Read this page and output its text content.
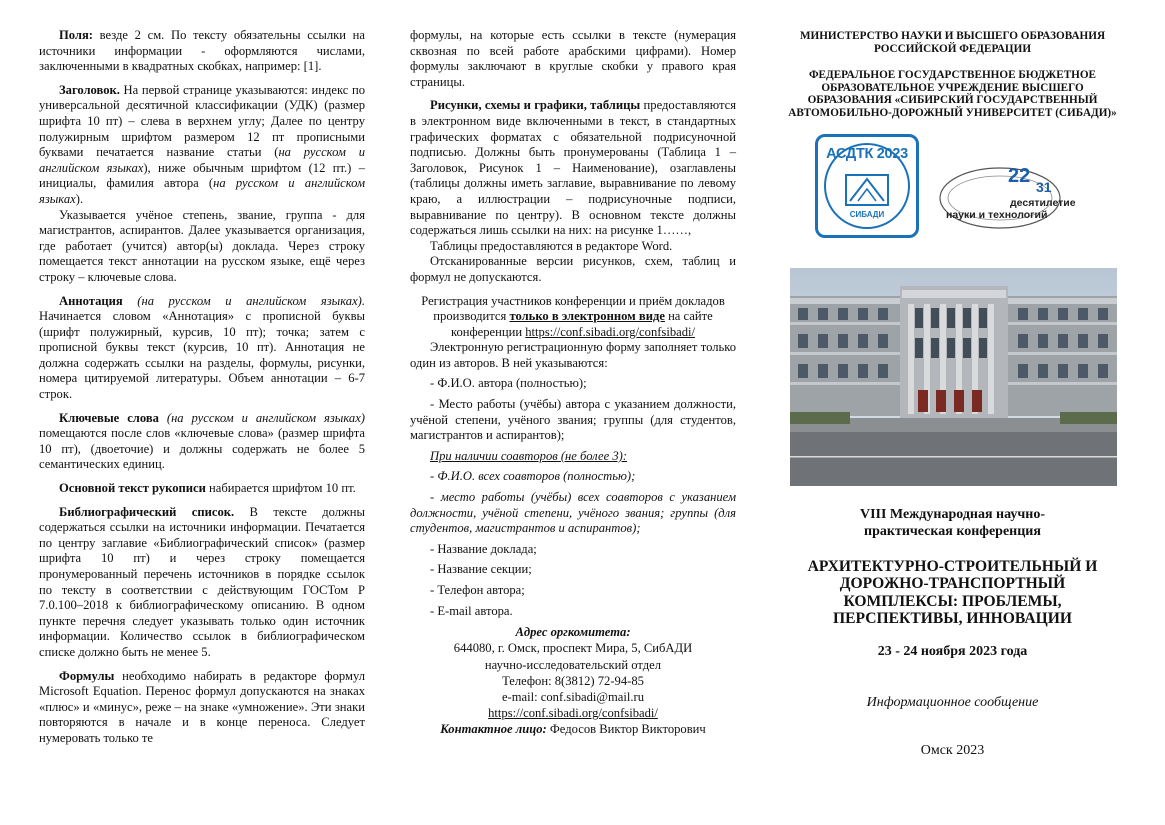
Поля: везде 2 см. По тексту обязательны ссылки на источники информации - оформляются числами, заключенными в квадратных скобках, например: [1].

Заголовок. На первой странице указываются: индекс по универсальной десятичной классификации (УДК) (размер шрифта 10 пт) – слева в верхнем углу; Далее по центру полужирным шрифтом размером 12 пт прописными буквами печатается название статьи (на русском и английском языках), ниже обычным шрифтом (12 пт.) – инициалы, фамилия автора (на русском и английском языках).

Указывается учёное степень, звание, группа - для магистрантов, аспирантов. Далее указывается организация, где работает (учится) автор(ы) доклада. Через строку помещается текст аннотации на русском языке, ещё через строку – ключевые слова.

Аннотация (на русском и английском языках). Начинается словом «Аннотация» с прописной буквы (шрифт полужирный, курсив, 10 пт); точка; затем с прописной буквы текст (курсив, 10 пт). Аннотация не должна содержать ссылки на разделы, формулы, рисунки, номера цитируемой литературы. Объем аннотации – 6-7 строк.

Ключевые слова (на русском и английском языках) помещаются после слов «ключевые слова» (размер шрифта 10 пт), (двоеточие) и должны содержать не более 5 семантических единиц.

Основной текст рукописи набирается шрифтом 10 пт.

Библиографический список. В тексте должны содержаться ссылки на источники информации. Печатается по центру заглавие «Библиографический список» (размер шрифта 10 пт) и через строку помещается пронумерованный перечень источников в порядке ссылок по тексту в соответствии с действующим ГОСТом Р 7.0.100–2018 к библиографическому описанию. В одном пункте перечня следует указывать только один источник информации. Количество ссылок в библиографическом списке должно быть не менее 5.

Формулы необходимо набирать в редакторе формул Microsoft Equation. Перенос формул допускаются на знаках «плюс» и «минус», реже – на знаке «умножение». Эти знаки повторяются в начале и в конце переноса. Следует нумеровать только те

формулы, на которые есть ссылки в тексте (нумерация сквозная по всей работе арабскими цифрами). Номер формулы заключают в круглые скобки у правого края страницы.

Рисунки, схемы и графики, таблицы предоставляются в электронном виде включенными в текст, в стандартных графических форматах с обязательной подрисуночной подписью. Должны быть пронумерованы (Таблица 1 – Заголовок, Рисунок 1 – Наименование), озаглавлены (таблицы должны иметь заглавие, выравнивание по левому краю, а иллюстрации – подрисуночные подписи, выравнивание по центру). В основном тексте должны содержаться лишь ссылки на них: на рисунке 1……,

Таблицы предоставляются в редакторе Word.

Отсканированные версии рисунков, схем, таблиц и формул не допускаются.

Регистрация участников конференции и приём докладов производится только в электронном виде на сайте конференции https://conf.sibadi.org/confsibadi/

Электронную регистрационную форму заполняет только один из авторов. В ней указываются:

- Ф.И.О. автора (полностью);

- Место работы (учёбы) автора с указанием должности, учёной степени, учёного звания; группы (для студентов, магистрантов и аспирантов);

При наличии соавторов (не более 3):

- Ф.И.О. всех соавторов (полностью);

- место работы (учёбы) всех соавторов с указанием должности, учёной степени, учёного звания; группы (для студентов, магистрантов и аспирантов);

- Название доклада;

- Название секции;

- Телефон автора;

- E-mail автора.

Адрес оргкомитета:
644080, г. Омск, проспект Мира, 5, СибАДИ
научно-исследовательский отдел
Телефон: 8(3812) 72-94-85
e-mail: conf.sibadi@mail.ru
https://conf.sibadi.org/confsibadi/
Контактное лицо: Федосов Виктор Викторович
МИНИСТЕРСТВО НАУКИ И ВЫСШЕГО ОБРАЗОВАНИЯ РОССИЙСКОЙ ФЕДЕРАЦИИ
ФЕДЕРАЛЬНОЕ ГОСУДАРСТВЕННОЕ БЮДЖЕТНОЕ ОБРАЗОВАТЕЛЬНОЕ УЧРЕЖДЕНИЕ ВЫСШЕГО ОБРАЗОВАНИЯ «СИБИРСКИЙ ГОСУДАРСТВЕННЫЙ АВТОМОБИЛЬНО-ДОРОЖНЫЙ УНИВЕРСИТЕТ (СИБАДИ)»
АСДТК 2023
СИБАДИ
22 31
десятилетие
науки и технологий
VIII Международная научно-практическая конференция
АРХИТЕКТУРНО-СТРОИТЕЛЬНЫЙ И ДОРОЖНО-ТРАНСПОРТНЫЙ КОМПЛЕКСЫ: ПРОБЛЕМЫ, ПЕРСПЕКТИВЫ, ИННОВАЦИИ
23 - 24 ноября 2023 года
Информационное сообщение
Омск 2023
